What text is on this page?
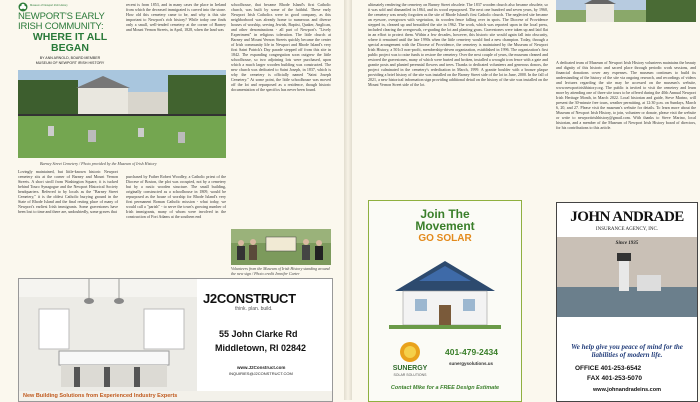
Museum of Newport Irish History
NEWPORT'S EARLY
IRISH COMMUNITY:
WHERE IT ALL
BEGAN
BY ANN ARNOLD, BOARD MEMBER
MUSEUM OF NEWPORT IRISH HISTORY
recent is from 1853, and in many cases the place in Ireland from which the deceased immigrated is carved into the stone. How old this cemetery came to be, and why is this site important to Newport's rich history? While today one finds only a small, well-tended cemetery at the corner of Barney and Mount Vernon Streets, in April, 1828, when the land was
schoolhouse, that became Rhode Island's first Catholic church, was built by some of the faithful. These early Newport Irish Catholics were in good company, as this neighborhood was already home to numerous and diverse houses of worship, serving Jewish, Baptist, Quaker, Anglican, and other denominations - all part of Newport's "Lively Experiment" in religious toleration. The little church at Barney and Mount Vernon Streets quickly became the center of Irish community life in Newport and Rhode Island's very first Saint Patrick's Day parade stepped off from this site in 1842. The expanding congregation soon outgrew the little schoolhouse, so two adjoining lots were purchased, upon which a much larger wooden building was constructed. The new church was dedicated to Saint Joseph, in 1837, which is why the cemetery is officially named "Saint Joseph Cemetery." At some point, the little schoolhouse was moved off the lot and repurposed as a residence, though historic documentation of the specifics has never been found.
Barney Street Cemetery / Photo provided by the Museum of Irish History
Lovingly maintained, but little-known historic Newport cemetery sits at the corner of Barney and Mount Vernon Streets. A short stroll from Washington Square, it is tucked behind Touro Synagogue and the Newport Historical Society headquarters. Referred to by locals as the "Barney Street Cemetery," it is the oldest Catholic burying ground in the State of Rhode Island and the final resting place of many of Newport's earliest Irish immigrants. Some gravestones have been lost to time and there are, undoubtedly, some graves that
purchased by Father Robert Woodley, a Catholic priest of the Diocese of Boston, the plot was occupied, not by a cemetery but by a rustic wooden structure. The small building, originally constructed as a schoolhouse in 1809, would be repurposed as the house of worship for Rhode Island's very first permanent Roman Catholic mission - what today, we would call a "parish" - to serve the town's growing number of Irish immigrants, many of whom were involved in the construction of Fort Adams at the southern end
Volunteers from the Museum of Irish History standing around the new sign / Photo credit Jennifer Carter
J2CONSTRUCT
think. plan. build.
55 John Clarke Rd
Middletown, RI 02842
www.J2Construct.com
INQUIRIES@J2CONSTRUCT.COM
New Building Solutions from Experienced Industry Experts
ultimately rendering the cemetery on Barney Street obsolete. The 1837 wooden church also became obsolete, so it was sold and dismantled in 1864, and its wood repurposed. The next one hundred and seven years, by 1960, the cemetery was nearly forgotten as the site of Rhode Island's first Catholic church. The neglected site became an eyesore, overgrown with vegetation, its wooden fence falling over in spots. The Diocese of Providence stepped in, cleaned up and beautified the site in 1962. The work, which was reported upon in the local press, included clearing the overgrowth, re-grading the lot and planting grass. Gravestones were taken up and laid flat in an effort to protect them. Within a few decades, however, this historic site would again fall into obscurity, where it remained until the late 1990s when the little cemetery would find a new champion. Today, through a special arrangement with the Diocese of Providence, the cemetery is maintained by the Museum of Newport Irish History, a 501c3 non-profit, membership-driven organization, established in 1996. The organization's first public project was to raise funds to restore the cemetery. Over the next couple of years, the museum cleaned and restored the gravestones, many of which were buried and broken, installed a wrought iron fence with a gate and granite posts and planted perennial flowers and trees. Thanks to dedicated volunteers and generous donors, the project culminated in the cemetery's rededication in March, 1999. A granite boulder with a bronze plaque providing a brief history of the site was installed on the Barney Street side of the lot in June, 2000. In the fall of 2021, a new historical information sign providing additional detail on the history of the site was installed on the Mount Vernon Street side of the lot.
A dedicated team of Museum of Newport Irish History volunteers maintains the beauty and dignity of this historic and sacred place through periodic work sessions, and financial donations cover any expenses. The museum continues to build its understanding of the history of the site via ongoing research, and recordings of videos and lectures regarding the site may be accessed on the museum's website, www.newportirishhistory.org. The public is invited to visit the cemetery and learn more by attending one of three site tours to be offered during the 40th Annual Newport Irish Heritage Month, in March 2022. Local historian and guide, Steve Marino, will present the 30-minute free tours, weather permitting, at 12:30 p.m. on Sundays, March 6, 20, and 27. Please visit the museum's website for details. To learn more about the Museum of Newport Irish History, to join, volunteer or donate, please visit the website or write to newportirishhistory@gmail.com. With thanks to Steve Marino, local historian, and a member of the Museum of Newport Irish History board of directors, for his contributions to this article.
Join The
Movement
GO SOLAR
SUNERGY
SOLAR SOLUTIONS
401-479-2434
sunergysolutions.us
Contact Mike for a FREE Design Estimate
JOHN ANDRADE
INSURANCE AGENCY, INC.
Since 1935
We help give you peace of mind for the liabilities of modern life.
OFFICE 401-253-6542
FAX 401-253-5070
www.johnandradeins.com
